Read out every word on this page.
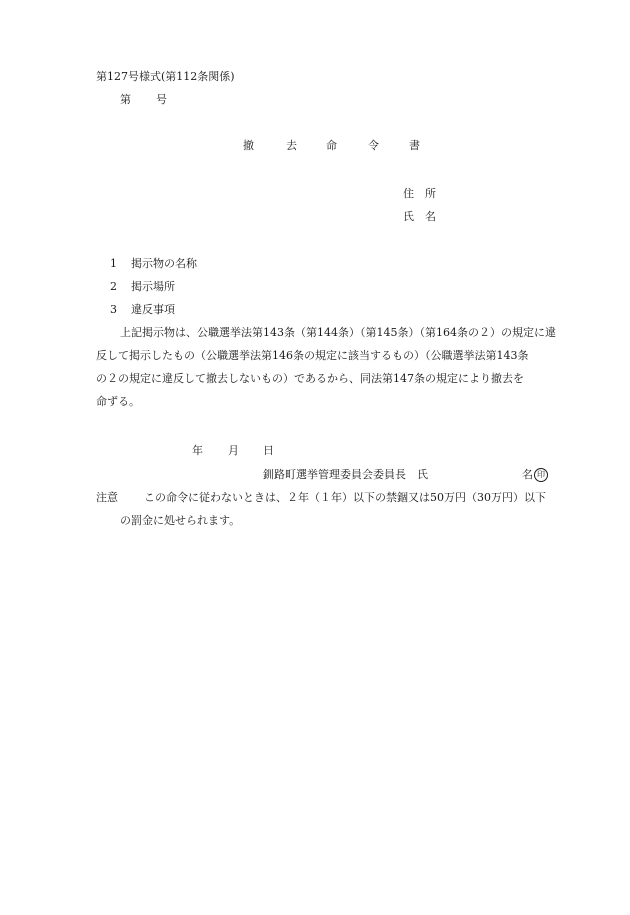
第127号様式(第112条関係)
第 号
撤	去	命	令	書
住　所
氏　名
1 掲示物の名称
2 掲示場所
3 違反事項
上記掲示物は、公職選挙法第143条（第144条）（第145条）（第164条の２）の規定に違
反して掲示したもの（公職選挙法第146条の規定に該当するもの）（公職選挙法第143条
の２の規定に違反して撤去しないもの）であるから、同法第147条の規定により撤去を
命ずる。
年 月 日
釧路町選挙管理委員会委員長　氏	名 印
注意 この命令に従わないときは、２年（１年）以下の禁錮又は50万円（30万円）以下
の罰金に処せられます。
